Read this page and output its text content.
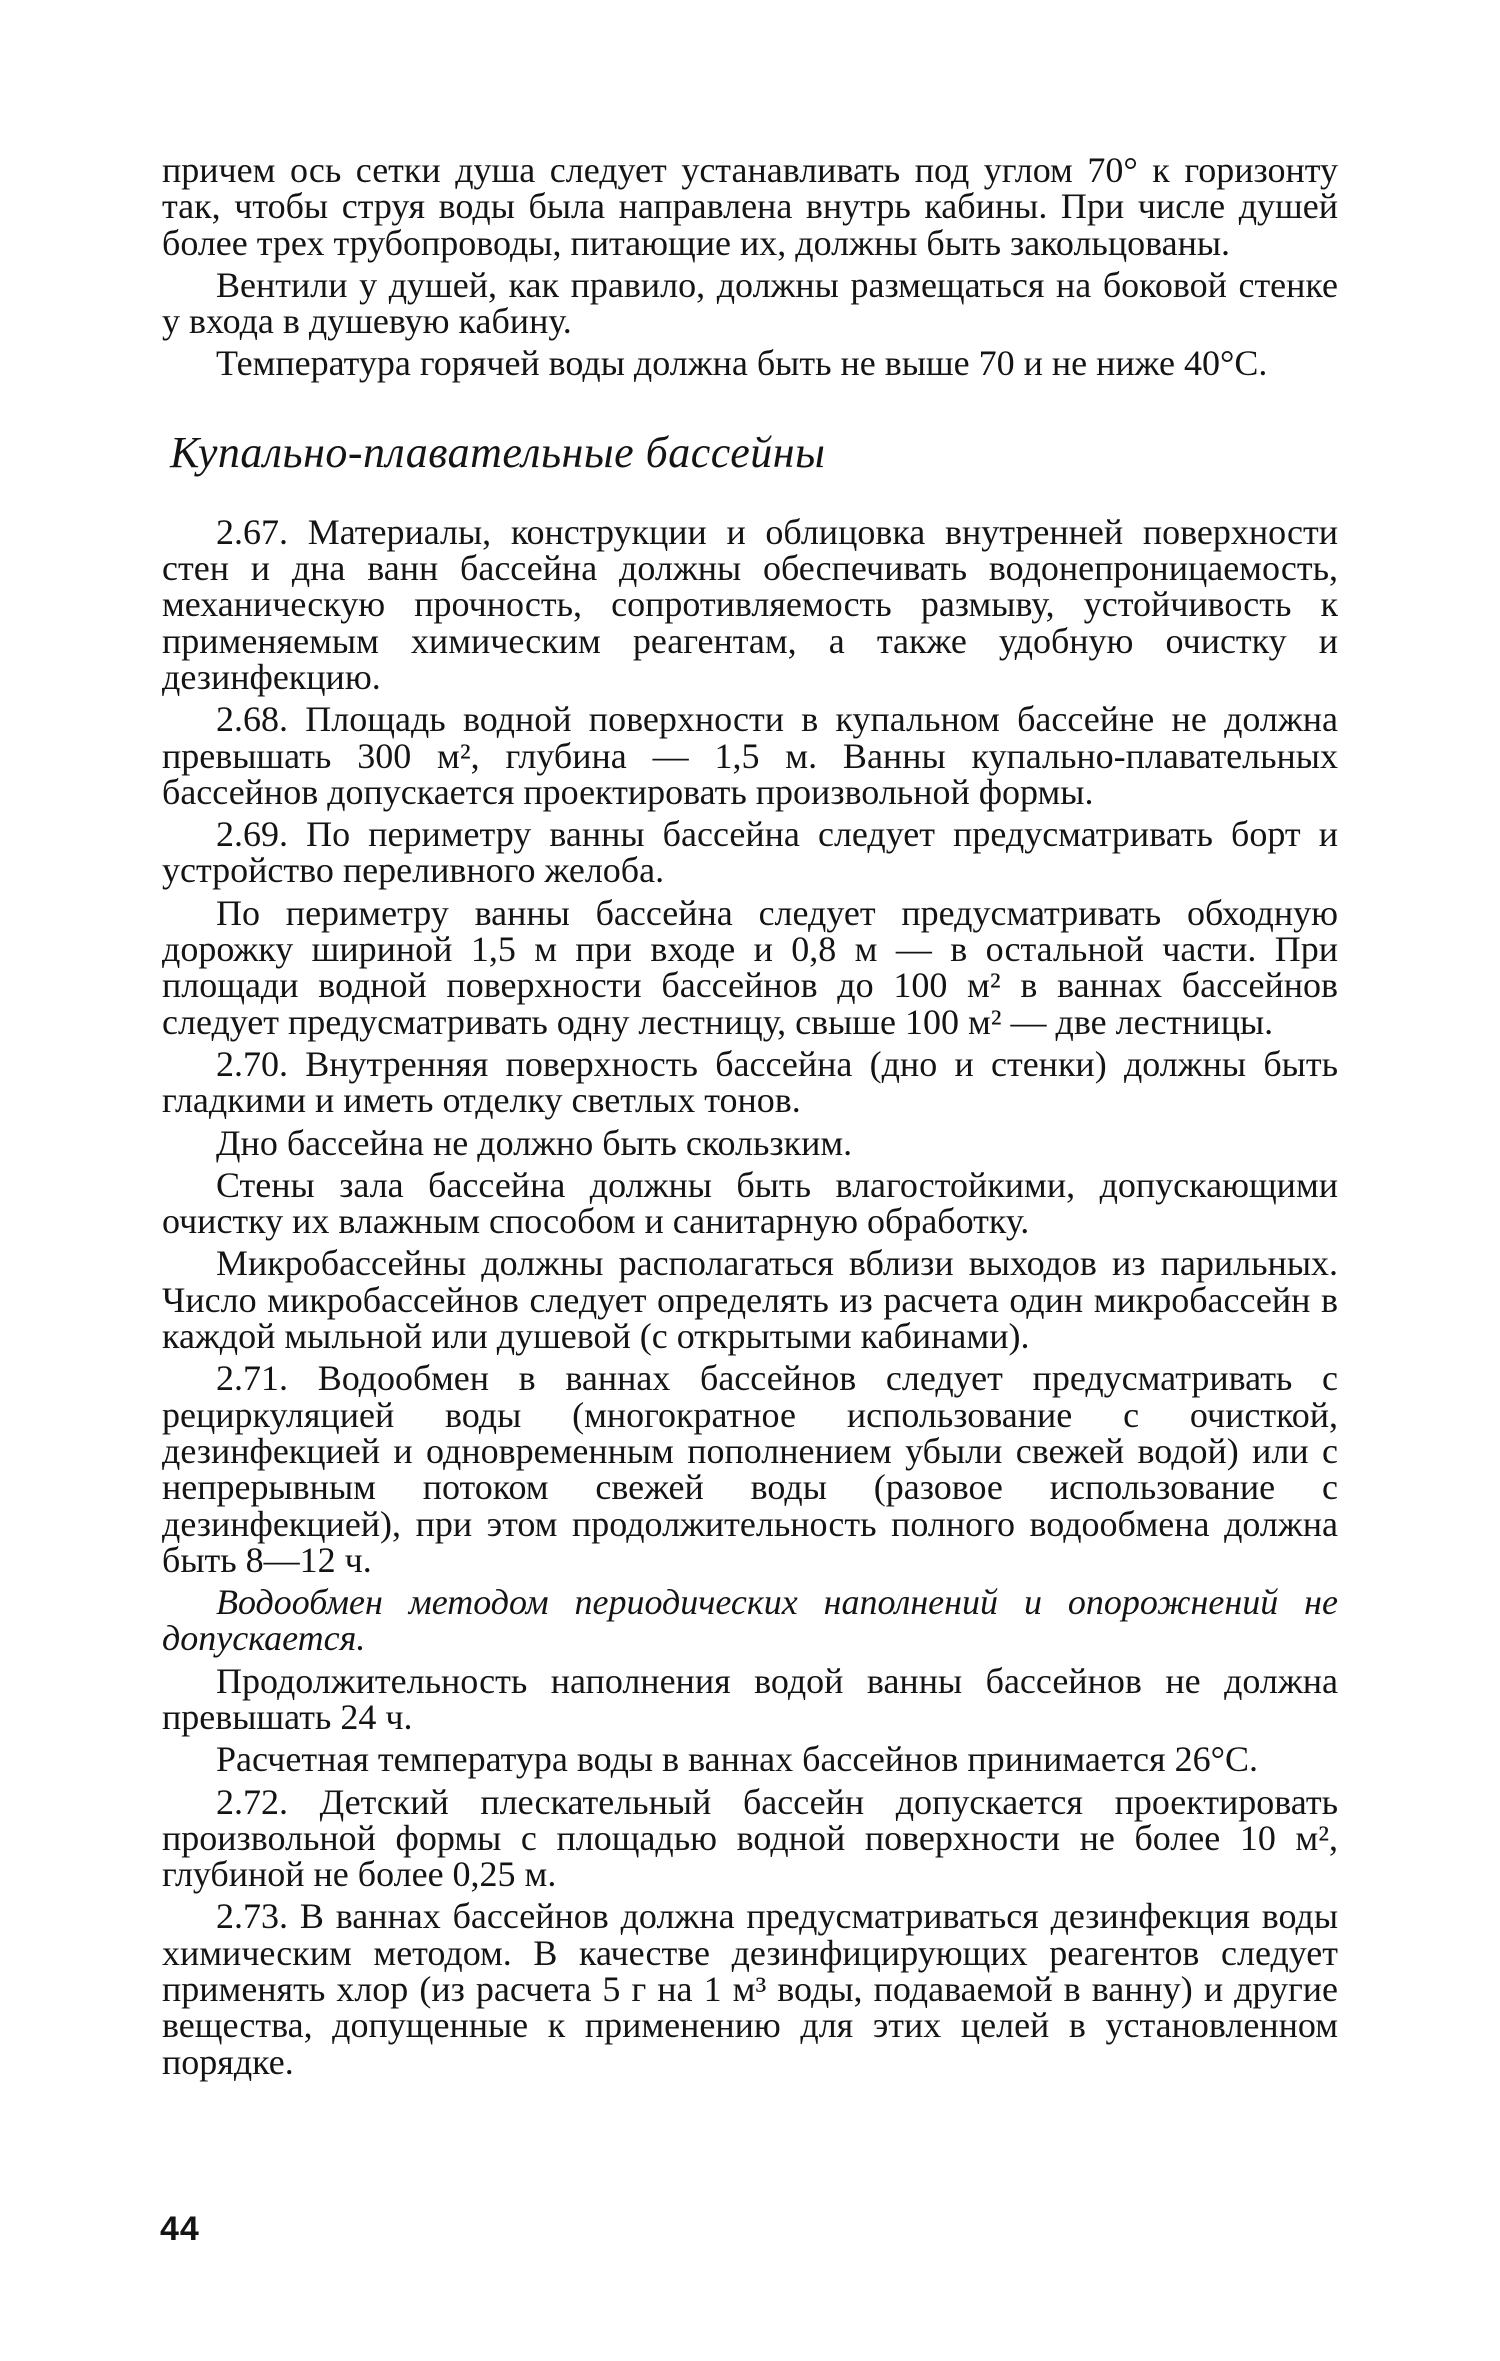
причем ось сетки душа следует устанавливать под углом 70° к горизонту так, чтобы струя воды была направлена внутрь кабины. При числе душей более трех трубопроводы, питающие их, должны быть закольцованы.

Вентили у душей, как правило, должны размещаться на боковой стенке у входа в душевую кабину.

Температура горячей воды должна быть не выше 70 и не ниже 40°С.

Купально-плавательные бассейны

2.67. Материалы, конструкции и облицовка внутренней поверхности стен и дна ванн бассейна должны обеспечивать водонепроницаемость, механическую прочность, сопротивляемость размыву, устойчивость к применяемым химическим реагентам, а также удобную очистку и дезинфекцию.

2.68. Площадь водной поверхности в купальном бассейне не должна превышать 300 м², глубина — 1,5 м. Ванны купально-плавательных бассейнов допускается проектировать произвольной формы.

2.69. По периметру ванны бассейна следует предусматривать борт и устройство переливного желоба.

По периметру ванны бассейна следует предусматривать обходную дорожку шириной 1,5 м при входе и 0,8 м — в остальной части. При площади водной поверхности бассейнов до 100 м² в ваннах бассейнов следует предусматривать одну лестницу, свыше 100 м² — две лестницы.

2.70. Внутренняя поверхность бассейна (дно и стенки) должны быть гладкими и иметь отделку светлых тонов.

Дно бассейна не должно быть скользким.

Стены зала бассейна должны быть влагостойкими, допускающими очистку их влажным способом и санитарную обработку.

Микробассейны должны располагаться вблизи выходов из парильных. Число микробассейнов следует определять из расчета один микробассейн в каждой мыльной или душевой (с открытыми кабинами).

2.71. Водообмен в ваннах бассейнов следует предусматривать с рециркуляцией воды (многократное использование с очисткой, дезинфекцией и одновременным пополнением убыли свежей водой) или с непрерывным потоком свежей воды (разовое использование с дезинфекцией), при этом продолжительность полного водообмена должна быть 8—12 ч.

Водообмен методом периодических наполнений и опорожнений не допускается.

Продолжительность наполнения водой ванны бассейнов не должна превышать 24 ч.

Расчетная температура воды в ваннах бассейнов принимается 26°С.

2.72. Детский плескательный бассейн допускается проектировать произвольной формы с площадью водной поверхности не более 10 м², глубиной не более 0,25 м.

2.73. В ваннах бассейнов должна предусматриваться дезинфекция воды химическим методом. В качестве дезинфицирующих реагентов следует применять хлор (из расчета 5 г на 1 м³ воды, подаваемой в ванну) и другие вещества, допущенные к применению для этих целей в установленном порядке.

44
